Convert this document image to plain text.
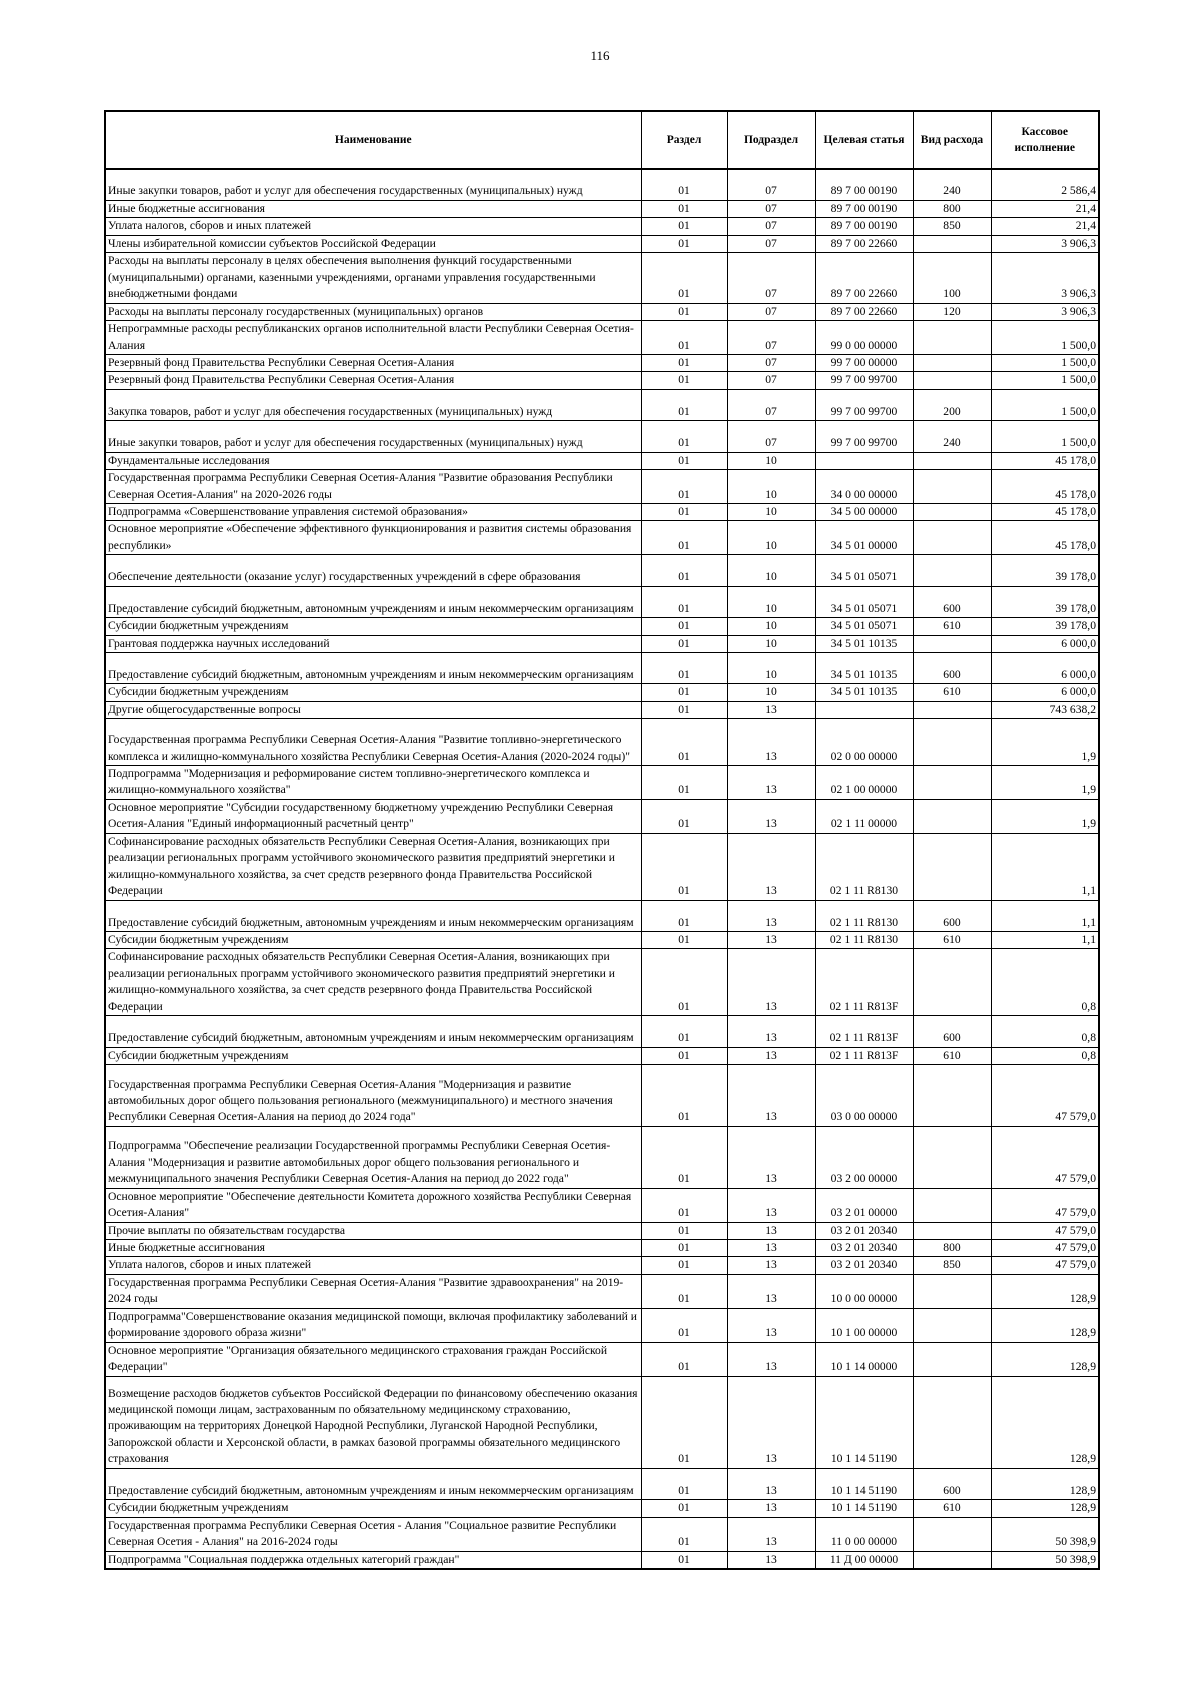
116
Наименование	Раздел	Подраздел	Целевая статья	Вид расхода	Кассовое исполнение
Иные закупки товаров, работ и услуг для обеспечения государственных (муниципальных) нужд	01	07	89 7 00 00190	240	2 586,4
Иные бюджетные ассигнования	01	07	89 7 00 00190	800	21,4
Уплата налогов, сборов и иных платежей	01	07	89 7 00 00190	850	21,4
Члены избирательной комиссии субъектов Российской Федерации	01	07	89 7 00 22660		3 906,3
Расходы на выплаты персоналу в целях обеспечения выполнения функций государственными (муниципальными) органами, казенными учреждениями, органами управления государственными внебюджетными фондами	01	07	89 7 00 22660	100	3 906,3
Расходы на выплаты персоналу государственных (муниципальных) органов	01	07	89 7 00 22660	120	3 906,3
Непрограммные расходы республиканских органов исполнительной власти Республики Северная Осетия-Алания	01	07	99 0 00 00000		1 500,0
Резервный фонд Правительства Республики Северная Осетия-Алания	01	07	99 7 00 00000		1 500,0
Резервный фонд Правительства Республики Северная Осетия-Алания	01	07	99 7 00 99700		1 500,0
Закупка товаров, работ и услуг для обеспечения государственных (муниципальных) нужд	01	07	99 7 00 99700	200	1 500,0
Иные закупки товаров, работ и услуг для обеспечения государственных (муниципальных) нужд	01	07	99 7 00 99700	240	1 500,0
Фундаментальные исследования	01	10			45 178,0
Государственная программа Республики Северная Осетия-Алания "Развитие образования Республики Северная Осетия-Алания" на 2020-2026 годы	01	10	34 0 00 00000		45 178,0
Подпрограмма «Совершенствование управления системой образования»	01	10	34 5 00 00000		45 178,0
Основное мероприятие «Обеспечение эффективного функционирования и развития системы образования республики»	01	10	34 5 01 00000		45 178,0
Обеспечение деятельности (оказание услуг) государственных учреждений в сфере образования	01	10	34 5 01 05071		39 178,0
Предоставление субсидий бюджетным, автономным учреждениям и иным некоммерческим организациям	01	10	34 5 01 05071	600	39 178,0
Субсидии бюджетным учреждениям	01	10	34 5 01 05071	610	39 178,0
Грантовая поддержка научных исследований	01	10	34 5 01 10135		6 000,0
Предоставление субсидий бюджетным, автономным учреждениям и иным некоммерческим организациям	01	10	34 5 01 10135	600	6 000,0
Субсидии бюджетным учреждениям	01	10	34 5 01 10135	610	6 000,0
Другие общегосударственные вопросы	01	13			743 638,2
Государственная программа Республики Северная Осетия-Алания "Развитие топливно-энергетического комплекса и жилищно-коммунального хозяйства Республики Северная Осетия-Алания (2020-2024 годы)"	01	13	02 0 00 00000		1,9
Подпрограмма "Модернизация и реформирование систем топливно-энергетического комплекса и жилищно-коммунального хозяйства"	01	13	02 1 00 00000		1,9
Основное мероприятие "Субсидии государственному бюджетному учреждению Республики Северная Осетия-Алания "Единый информационный расчетный центр"	01	13	02 1 11 00000		1,9
Софинансирование расходных обязательств Республики Северная Осетия-Алания, возникающих при реализации региональных программ устойчивого экономического развития предприятий энергетики и жилищно-коммунального хозяйства, за счет средств резервного фонда Правительства Российской Федерации	01	13	02 1 11 R8130		1,1
Предоставление субсидий бюджетным, автономным учреждениям и иным некоммерческим организациям	01	13	02 1 11 R8130	600	1,1
Субсидии бюджетным учреждениям	01	13	02 1 11 R8130	610	1,1
Софинансирование расходных обязательств Республики Северная Осетия-Алания, возникающих при реализации региональных программ устойчивого экономического развития предприятий энергетики и жилищно-коммунального хозяйства, за счет средств резервного фонда Правительства Российской Федерации	01	13	02 1 11 R813F		0,8
Предоставление субсидий бюджетным, автономным учреждениям и иным некоммерческим организациям	01	13	02 1 11 R813F	600	0,8
Субсидии бюджетным учреждениям	01	13	02 1 11 R813F	610	0,8
Государственная программа Республики Северная Осетия-Алания "Модернизация и развитие автомобильных дорог общего пользования регионального (межмуниципального) и местного значения Республики Северная Осетия-Алания на период до 2024 года"	01	13	03 0 00 00000		47 579,0
Подпрограмма "Обеспечение реализации Государственной программы Республики Северная Осетия-Алания "Модернизация и развитие автомобильных дорог общего пользования регионального и межмуниципального значения Республики Северная Осетия-Алания на период до 2022 года"	01	13	03 2 00 00000		47 579,0
Основное мероприятие "Обеспечение деятельности Комитета дорожного хозяйства Республики Северная Осетия-Алания"	01	13	03 2 01 00000		47 579,0
Прочие выплаты по обязательствам государства	01	13	03 2 01 20340		47 579,0
Иные бюджетные ассигнования	01	13	03 2 01 20340	800	47 579,0
Уплата налогов, сборов и иных платежей	01	13	03 2 01 20340	850	47 579,0
Государственная программа Республики Северная Осетия-Алания "Развитие здравоохранения" на 2019-2024 годы	01	13	10 0 00 00000		128,9
Подпрограмма"Совершенствование оказания медицинской помощи, включая профилактику заболеваний и формирование здорового образа жизни"	01	13	10 1 00 00000		128,9
Основное мероприятие "Организация обязательного медицинского страхования граждан Российской Федерации"	01	13	10 1 14 00000		128,9
Возмещение расходов бюджетов субъектов Российской Федерации по финансовому обеспечению оказания медицинской помощи лицам, застрахованным по обязательному медицинскому страхованию, проживающим на территориях Донецкой Народной Республики, Луганской Народной Республики, Запорожской области и Херсонской области, в рамках базовой программы обязательного медицинского страхования	01	13	10 1 14 51190		128,9
Предоставление субсидий бюджетным, автономным учреждениям и иным некоммерческим организациям	01	13	10 1 14 51190	600	128,9
Субсидии бюджетным учреждениям	01	13	10 1 14 51190	610	128,9
Государственная программа Республики Северная Осетия - Алания "Социальное развитие Республики Северная Осетия - Алания" на 2016-2024 годы	01	13	11 0 00 00000		50 398,9
Подпрограмма "Социальная поддержка отдельных категорий граждан"	01	13	11 Д 00 00000		50 398,9
